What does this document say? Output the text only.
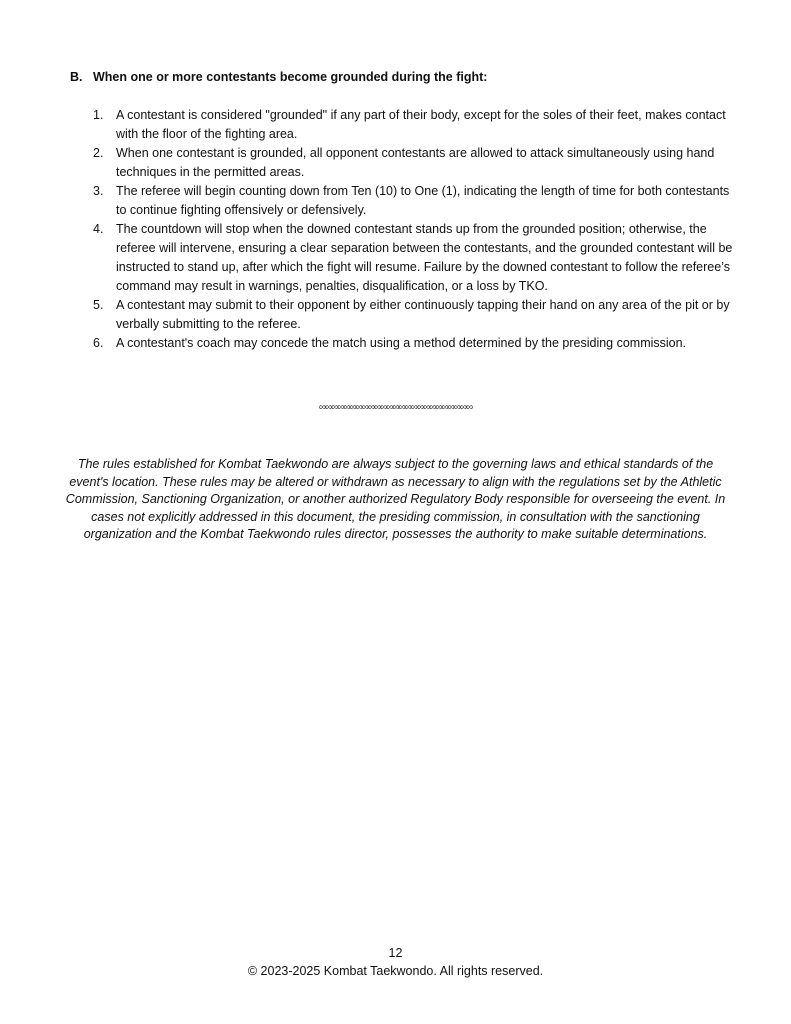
B. When one or more contestants become grounded during the fight:
1. A contestant is considered "grounded" if any part of their body, except for the soles of their feet, makes contact with the floor of the fighting area.
2. When one contestant is grounded, all opponent contestants are allowed to attack simultaneously using hand techniques in the permitted areas.
3. The referee will begin counting down from Ten (10) to One (1), indicating the length of time for both contestants to continue fighting offensively or defensively.
4. The countdown will stop when the downed contestant stands up from the grounded position; otherwise, the referee will intervene, ensuring a clear separation between the contestants, and the grounded contestant will be instructed to stand up, after which the fight will resume. Failure by the downed contestant to follow the referee’s command may result in warnings, penalties, disqualification, or a loss by TKO.
5. A contestant may submit to their opponent by either continuously tapping their hand on any area of the pit or by verbally submitting to the referee.
6. A contestant's coach may concede the match using a method determined by the presiding commission.
∞∞∞∞∞∞∞∞∞∞∞∞∞∞∞∞∞∞∞∞∞∞∞∞∞
The rules established for Kombat Taekwondo are always subject to the governing laws and ethical standards of the event's location. These rules may be altered or withdrawn as necessary to align with the regulations set by the Athletic Commission, Sanctioning Organization, or another authorized Regulatory Body responsible for overseeing the event. In cases not explicitly addressed in this document, the presiding commission, in consultation with the sanctioning organization and the Kombat Taekwondo rules director, possesses the authority to make suitable determinations.
12
© 2023-2025 Kombat Taekwondo. All rights reserved.
